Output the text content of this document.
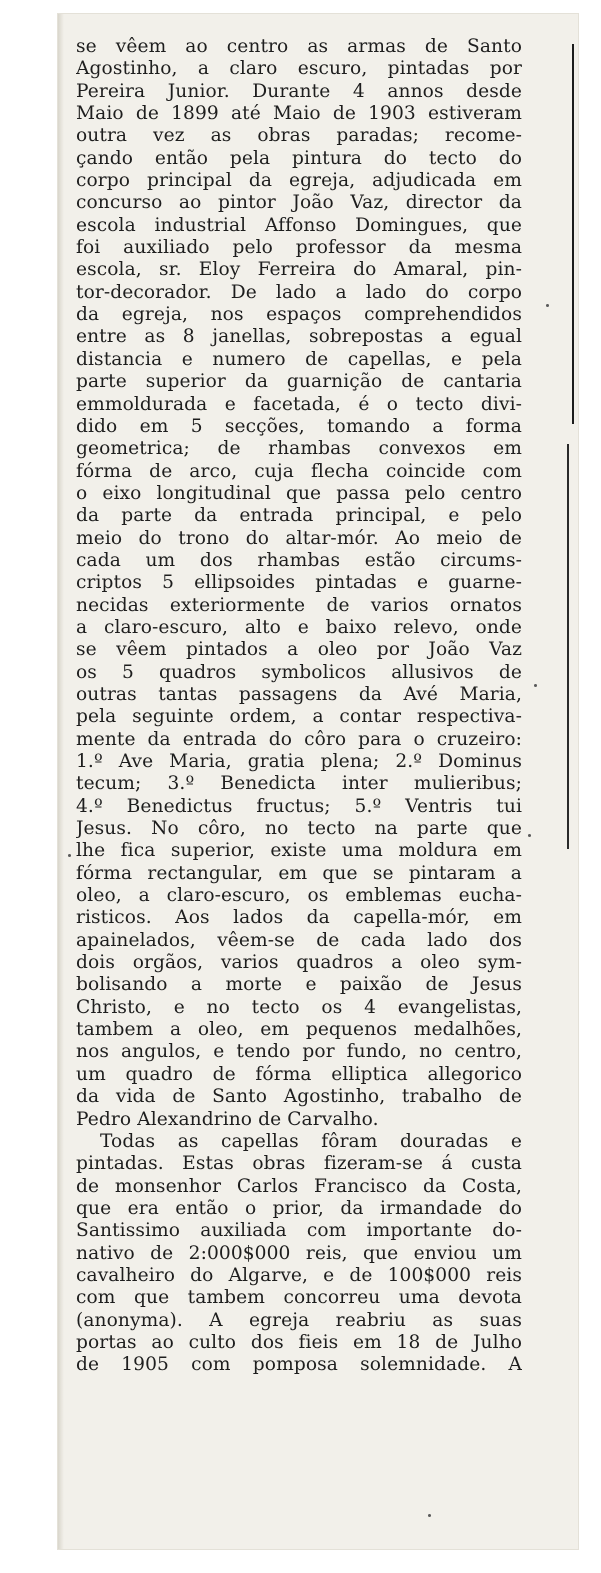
se vêem ao centro as armas de Santo
Agostinho, a claro escuro, pintadas por
Pereira Junior. Durante 4 annos desde
Maio de 1899 até Maio de 1903 estiveram
outra vez as obras paradas; recome-
çando então pela pintura do tecto do
corpo principal da egreja, adjudicada em
concurso ao pintor João Vaz, director da
escola industrial Affonso Domingues, que
foi auxiliado pelo professor da mesma
escola, sr. Eloy Ferreira do Amaral, pin-
tor-decorador. De lado a lado do corpo
da egreja, nos espaços comprehendidos
entre as 8 janellas, sobrepostas a egual
distancia e numero de capellas, e pela
parte superior da guarnição de cantaria
emmoldurada e facetada, é o tecto divi-
dido em 5 secções, tomando a forma
geometrica; de rhambas convexos em
fórma de arco, cuja flecha coincide com
o eixo longitudinal que passa pelo centro
da parte da entrada principal, e pelo
meio do trono do altar-mór. Ao meio de
cada um dos rhambas estão circums-
criptos 5 ellipsoides pintadas e guarne-
necidas exteriormente de varios ornatos
a claro-escuro, alto e baixo relevo, onde
se vêem pintados a oleo por João Vaz
os 5 quadros symbolicos allusivos de
outras tantas passagens da Avé Maria,
pela seguinte ordem, a contar respectiva-
mente da entrada do côro para o cruzeiro:
1.º Ave Maria, gratia plena; 2.º Dominus
tecum; 3.º Benedicta inter mulieribus;
4.º Benedictus fructus; 5.º Ventris tui
Jesus. No côro, no tecto na parte que
lhe fica superior, existe uma moldura em
fórma rectangular, em que se pintaram a
oleo, a claro-escuro, os emblemas eucha-
risticos. Aos lados da capella-mór, em
apainelados, vêem-se de cada lado dos
dois orgãos, varios quadros a oleo sym-
bolisando a morte e paixão de Jesus
Christo, e no tecto os 4 evangelistas,
tambem a oleo, em pequenos medalhões,
nos angulos, e tendo por fundo, no centro,
um quadro de fórma elliptica allegorico
da vida de Santo Agostinho, trabalho de
Pedro Alexandrino de Carvalho.
Todas as capellas fôram douradas e
pintadas. Estas obras fizeram-se á custa
de monsenhor Carlos Francisco da Costa,
que era então o prior, da irmandade do
Santissimo auxiliada com importante do-
nativo de 2:000$000 reis, que enviou um
cavalheiro do Algarve, e de 100$000 reis
com que tambem concorreu uma devota
(anonyma). A egreja reabriu as suas
portas ao culto dos fieis em 18 de Julho
de 1905 com pomposa solemnidade. A
